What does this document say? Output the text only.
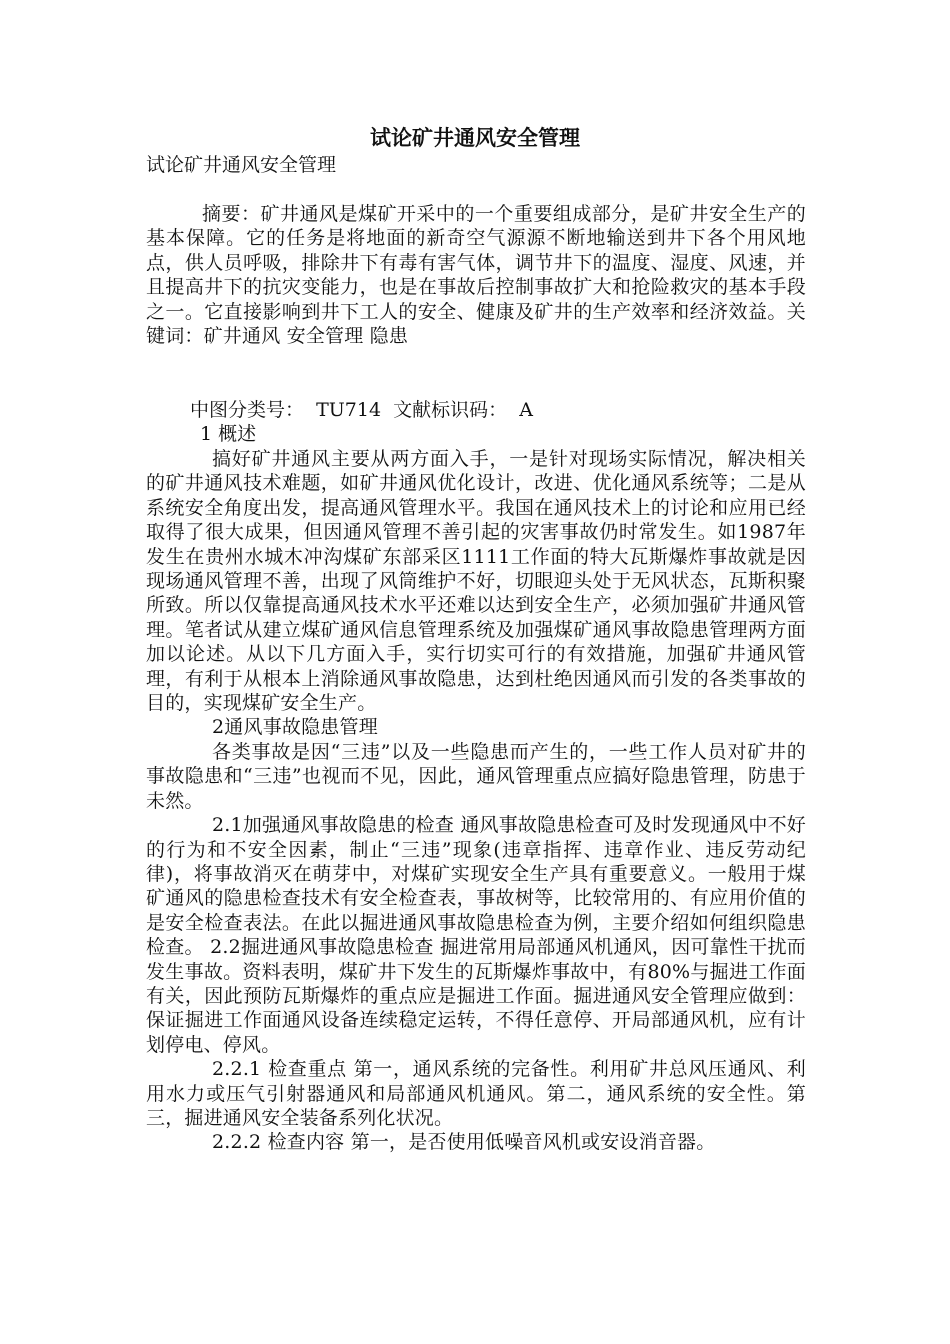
试论矿井通风安全管理
试论矿井通风安全管理

摘要：矿井通风是煤矿开采中的一个重要组成部分，是矿井安全生产的基本保障。它的任务是将地面的新奇空气源源不断地输送到井下各个用风地点，供人员呼吸，排除井下有毒有害气体，调节井下的温度、湿度、风速，并且提高井下的抗灾变能力，也是在事故后控制事故扩大和抢险救灾的基本手段之一。它直接影响到井下工人的安全、健康及矿井的生产效率和经济效益。关键词：矿井通风 安全管理 隐患

中图分类号：  TU714  文献标识码：  A
1 概述

搞好矿井通风主要从两方面入手，一是针对现场实际情况，解决相关的矿井通风技术难题，如矿井通风优化设计，改进、优化通风系统等；二是从系统安全角度出发，提高通风管理水平。我国在通风技术上的讨论和应用已经取得了很大成果，但因通风管理不善引起的灾害事故仍时常发生。如1987年发生在贵州水城木冲沟煤矿东部采区1111工作面的特大瓦斯爆炸事故就是因现场通风管理不善，出现了风筒维护不好，切眼迎头处于无风状态，瓦斯积聚所致。所以仅靠提高通风技术水平还难以达到安全生产，必须加强矿井通风管理。笔者试从建立煤矿通风信息管理系统及加强煤矿通风事故隐患管理两方面加以论述。从以下几方面入手，实行切实可行的有效措施，加强矿井通风管理，有利于从根本上消除通风事故隐患，达到杜绝因通风而引发的各类事故的目的，实现煤矿安全生产。

2通风事故隐患管理

各类事故是因“三违”以及一些隐患而产生的，一些工作人员对矿井的事故隐患和“三违”也视而不见，因此，通风管理重点应搞好隐患管理，防患于未然。

2.1加强通风事故隐患的检查 通风事故隐患检查可及时发现通风中不好的行为和不安全因素，制止“三违”现象(违章指挥、违章作业、违反劳动纪律)，将事故消灭在萌芽中，对煤矿实现安全生产具有重要意义。一般用于煤矿通风的隐患检查技术有安全检查表，事故树等，比较常用的、有应用价值的是安全检查表法。在此以掘进通风事故隐患检查为例，主要介绍如何组织隐患检查。 2.2掘进通风事故隐患检查 掘进常用局部通风机通风，因可靠性干扰而发生事故。资料表明，煤矿井下发生的瓦斯爆炸事故中，有80%与掘进工作面有关，因此预防瓦斯爆炸的重点应是掘进工作面。掘进通风安全管理应做到：保证掘进工作面通风设备连续稳定运转，不得任意停、开局部通风机，应有计划停电、停风。

2.2.1 检查重点 第一，通风系统的完备性。利用矿井总风压通风、利用水力或压气引射器通风和局部通风机通风。第二，通风系统的安全性。第三，掘进通风安全装备系列化状况。

2.2.2 检查内容 第一，是否使用低噪音风机或安设消音器。
